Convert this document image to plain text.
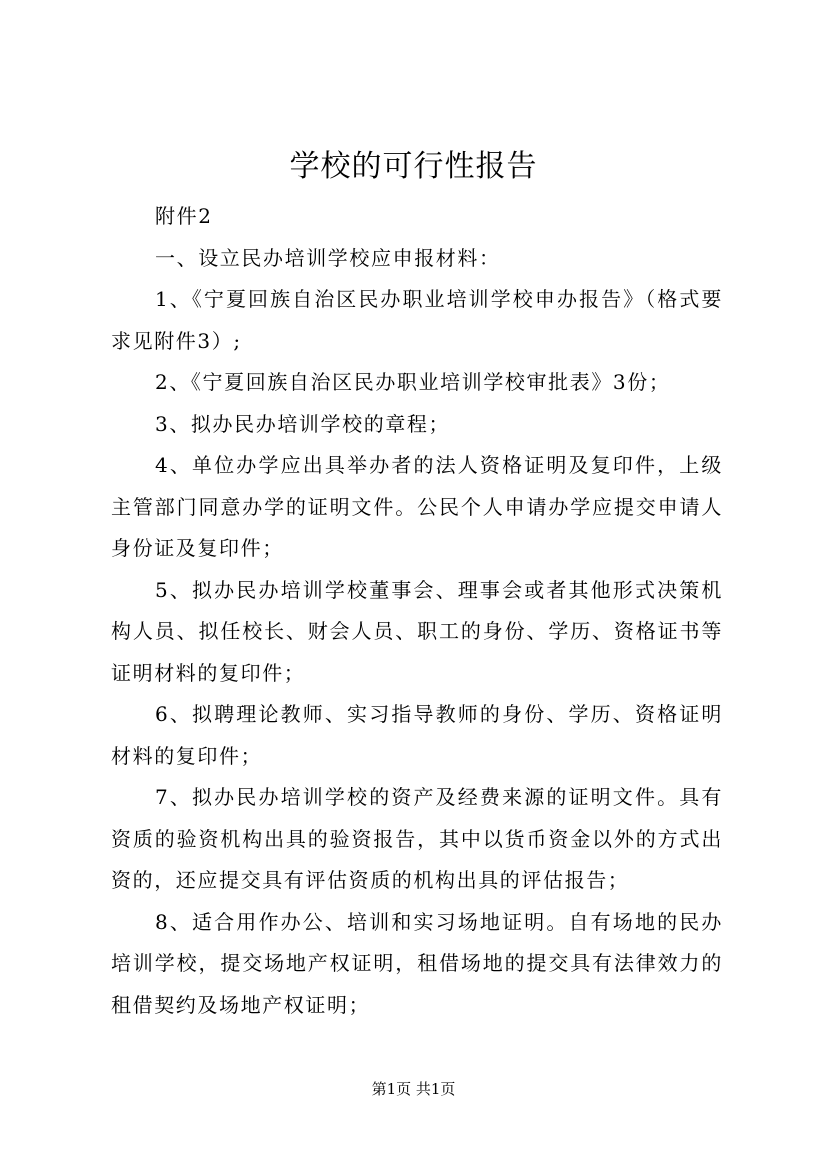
学校的可行性报告

附件2

一、设立民办培训学校应申报材料：

1、《宁夏回族自治区民办职业培训学校申办报告》（格式要求见附件3）;

2、《宁夏回族自治区民办职业培训学校审批表》3份；

3、拟办民办培训学校的章程；

4、单位办学应出具举办者的法人资格证明及复印件，上级主管部门同意办学的证明文件。公民个人申请办学应提交申请人身份证及复印件；

5、拟办民办培训学校董事会、理事会或者其他形式决策机构人员、拟任校长、财会人员、职工的身份、学历、资格证书等证明材料的复印件；

6、拟聘理论教师、实习指导教师的身份、学历、资格证明材料的复印件；

7、拟办民办培训学校的资产及经费来源的证明文件。具有资质的验资机构出具的验资报告，其中以货币资金以外的方式出资的，还应提交具有评估资质的机构出具的评估报告；

8、适合用作办公、培训和实习场地证明。自有场地的民办培训学校，提交场地产权证明，租借场地的提交具有法律效力的租借契约及场地产权证明；

第1页 共1页
